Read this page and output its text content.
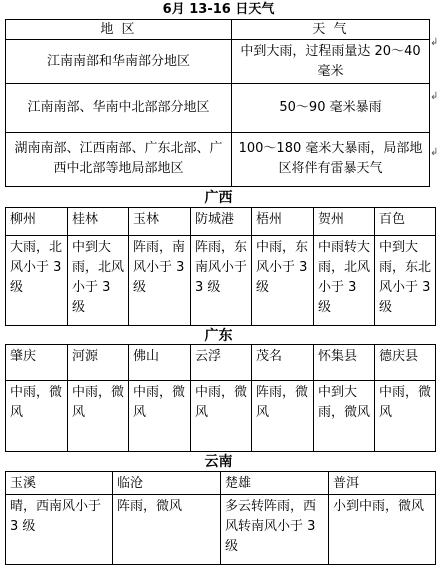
6月 13-16 日天气
地 区	天 气
江南南部和华南部分地区	中到大雨，过程雨量达 20～40 毫米
江南南部、华南中北部部分地区	50～90 毫米暴雨
湖南南部、江西南部、广东北部、广西中北部等地局部地区	100～180 毫米大暴雨，局部地区将伴有雷暴天气
↲
↲
↲
广西
柳州	桂林	玉林	防城港	梧州	贺州	百色
大雨，北风小于 3 级	中到大雨，北风小于 3 级	阵雨，南风小于 3 级	阵雨，东南风小于 3 级	中雨，东风小于 3 级	中雨转大雨，北风小于 3 级	中到大雨，东北风小于 3 级
广东
肇庆	河源	佛山	云浮	茂名	怀集县	德庆县
中雨，微风	中雨，微风	中雨，微风	中雨，微风	阵雨，微风	中到大雨，微风	中雨，微风
云南
玉溪	临沧	楚雄	普洱
晴，西南风小于 3 级	阵雨，微风	多云转阵雨，西风转南风小于 3 级	小到中雨，微风
